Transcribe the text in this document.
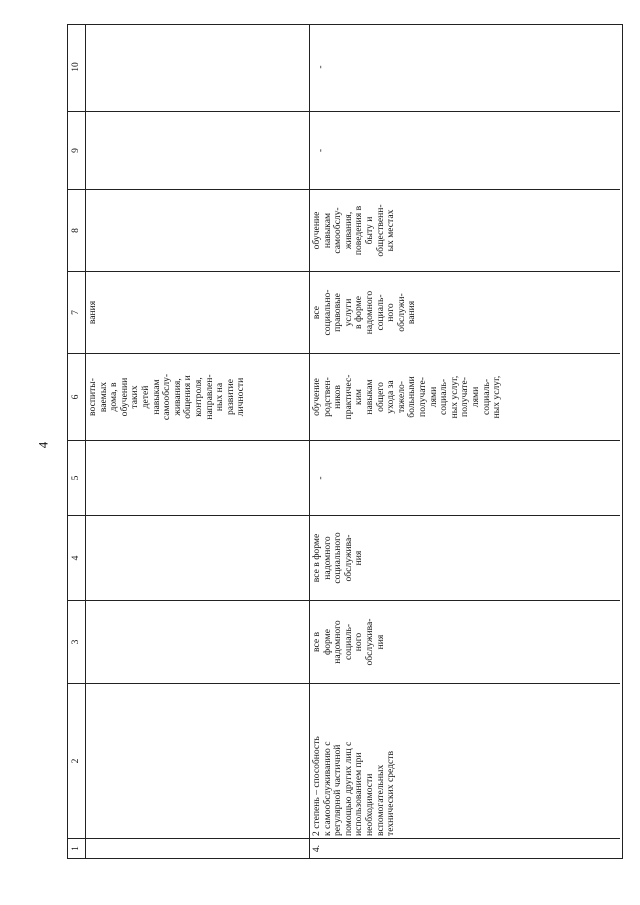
4
1
2
3
4
5
6
7
8
9
10
воспиты-
ваемых
дома, в
обучении
таких
детей
навыкам
самообслу-
живания,
общения и
контроля,
направлен-
ных на
развитие
личности
вания
4.
2 степень – способность
к самообслуживанию с
регулярной частичной
помощью других лиц с
использованием при
необходимости
вспомогательных
технических средств
все в
форме
надомного
социаль-
ного
обслужива-
ния
все в форме
надомного
социального
обслужива-
ния
-
обучение
родствен-
ников
практичес-
ким
навыкам
общего
ухода за
тяжело-
больными
получате-
лями
социаль-
ных услуг,
получате-
лями
социаль-
ных услуг,
все
социально-
правовые
услуги
в форме
надомного
социаль-
ного
обслужи-
вания
обучение
навыкам
самообслу-
живания,
поведения в
быту и
общественн-
ых местах
-
-
